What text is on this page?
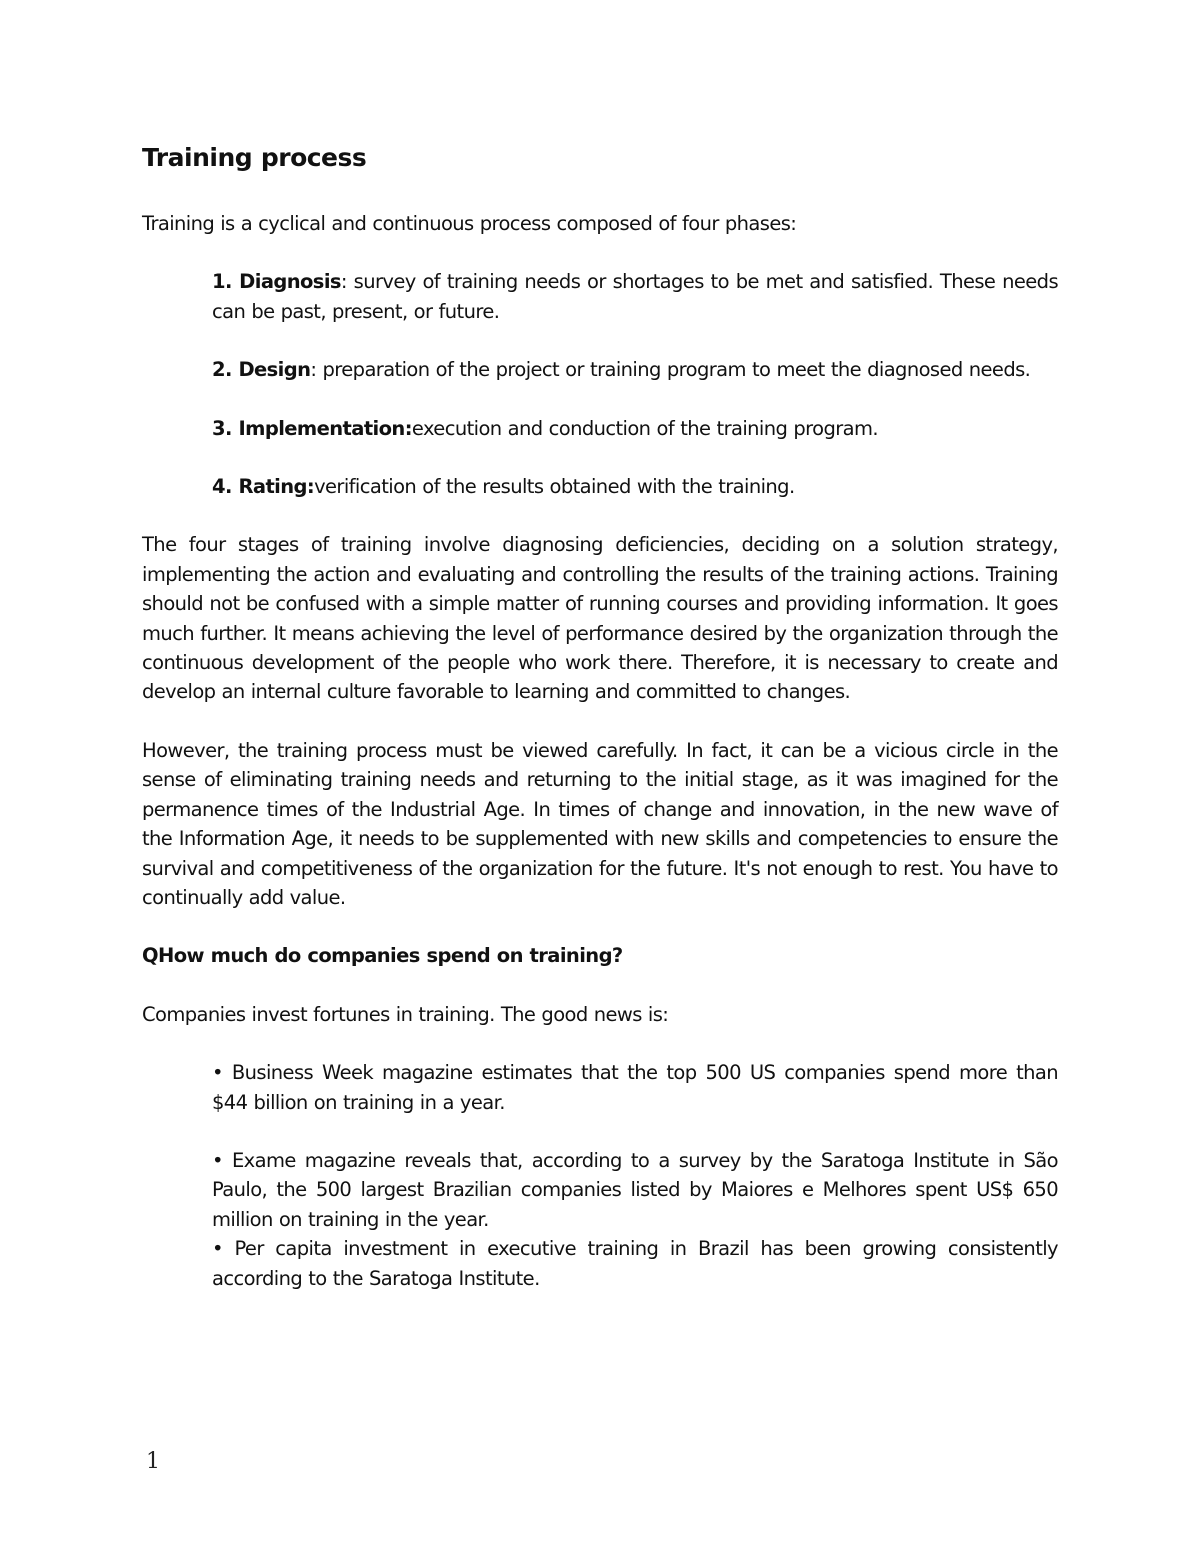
Training process

Training is a cyclical and continuous process composed of four phases:

1. Diagnosis: survey of training needs or shortages to be met and satisfied. These needs can be past, present, or future.

2. Design: preparation of the project or training program to meet the diagnosed needs.

3. Implementation:execution and conduction of the training program.

4. Rating:verification of the results obtained with the training.

The four stages of training involve diagnosing deficiencies, deciding on a solution strategy, implementing the action and evaluating and controlling the results of the training actions. Training should not be confused with a simple matter of running courses and providing information. It goes much further. It means achieving the level of performance desired by the organization through the continuous development of the people who work there. Therefore, it is necessary to create and develop an internal culture favorable to learning and committed to changes.

However, the training process must be viewed carefully. In fact, it can be a vicious circle in the sense of eliminating training needs and returning to the initial stage, as it was imagined for the permanence times of the Industrial Age. In times of change and innovation, in the new wave of the Information Age, it needs to be supplemented with new skills and competencies to ensure the survival and competitiveness of the organization for the future. It's not enough to rest. You have to continually add value.

QHow much do companies spend on training?

Companies invest fortunes in training. The good news is:

• Business Week magazine estimates that the top 500 US companies spend more than $44 billion on training in a year.

• Exame magazine reveals that, according to a survey by the Saratoga Institute in São Paulo, the 500 largest Brazilian companies listed by Maiores e Melhores spent US$ 650 million on training in the year.

• Per capita investment in executive training in Brazil has been growing consistently according to the Saratoga Institute.

1
